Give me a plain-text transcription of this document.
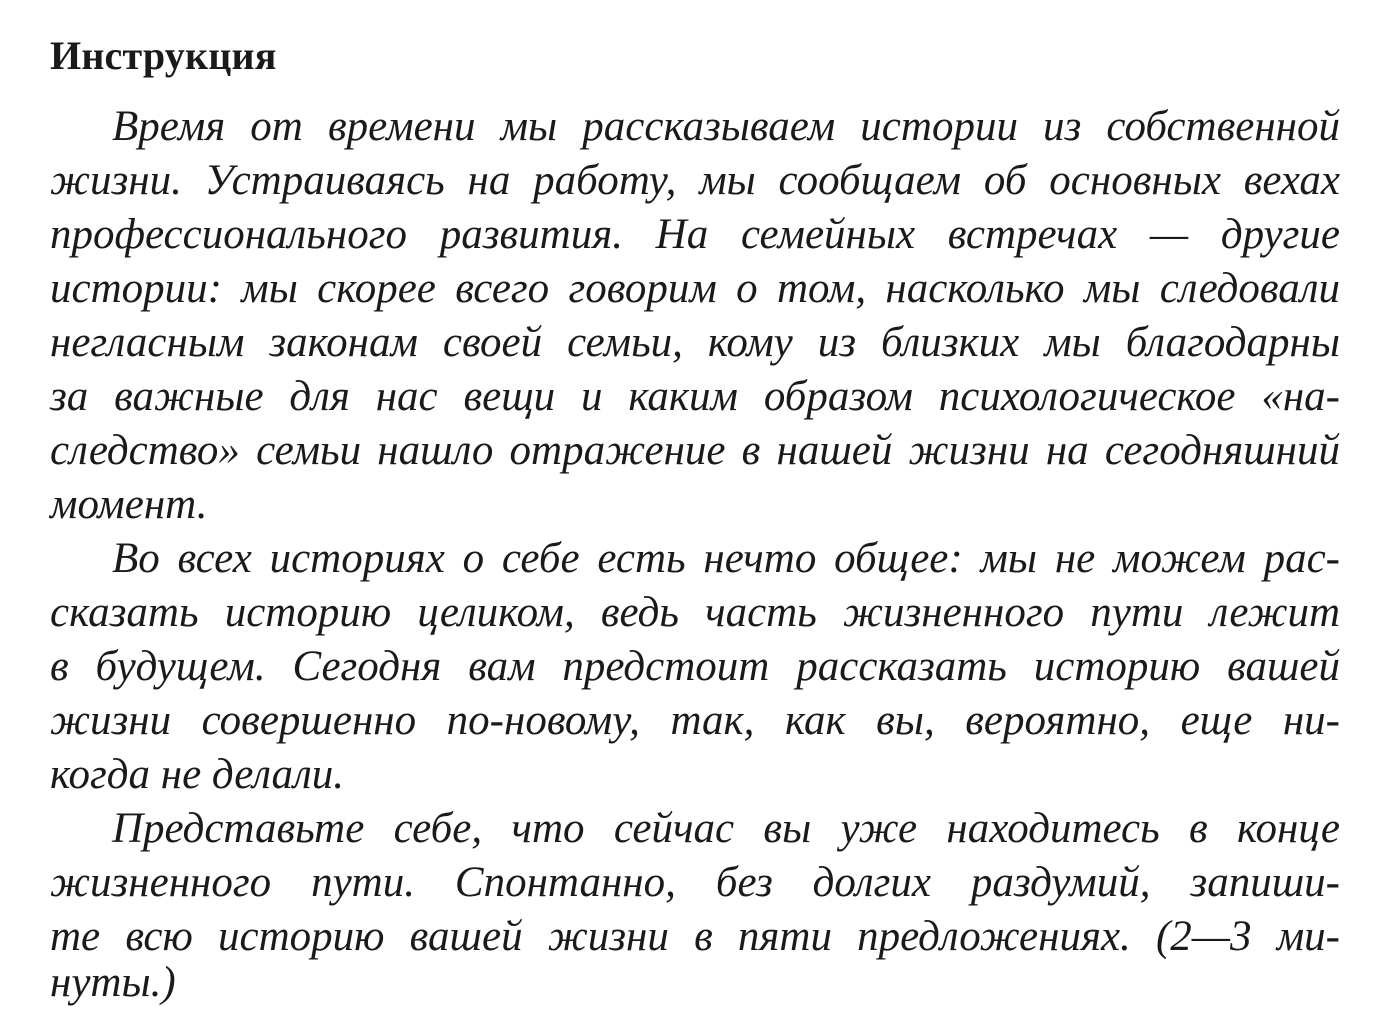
Инструкция

Время от времени мы рассказываем истории из собственной

жизни. Устраиваясь на работу, мы сообщаем об основных вехах

профессионального развития. На семейных встречах — другие

истории: мы скорее всего говорим о том, насколько мы следовали

негласным законам своей семьи, кому из близких мы благодарны

за важные для нас вещи и каким образом психологическое «на-

следство» семьи нашло отражение в нашей жизни на сегодняшний

момент.

Во всех историях о себе есть нечто общее: мы не можем рас-

сказать историю целиком, ведь часть жизненного пути лежит

в будущем. Сегодня вам предстоит рассказать историю вашей

жизни совершенно по-новому, так, как вы, вероятно, еще ни-

когда не делали.

Представьте себе, что сейчас вы уже находитесь в конце

жизненного пути. Спонтанно, без долгих раздумий, запиши-

те всю историю вашей жизни в пяти предложениях. (2—3 ми-

нуты.)
